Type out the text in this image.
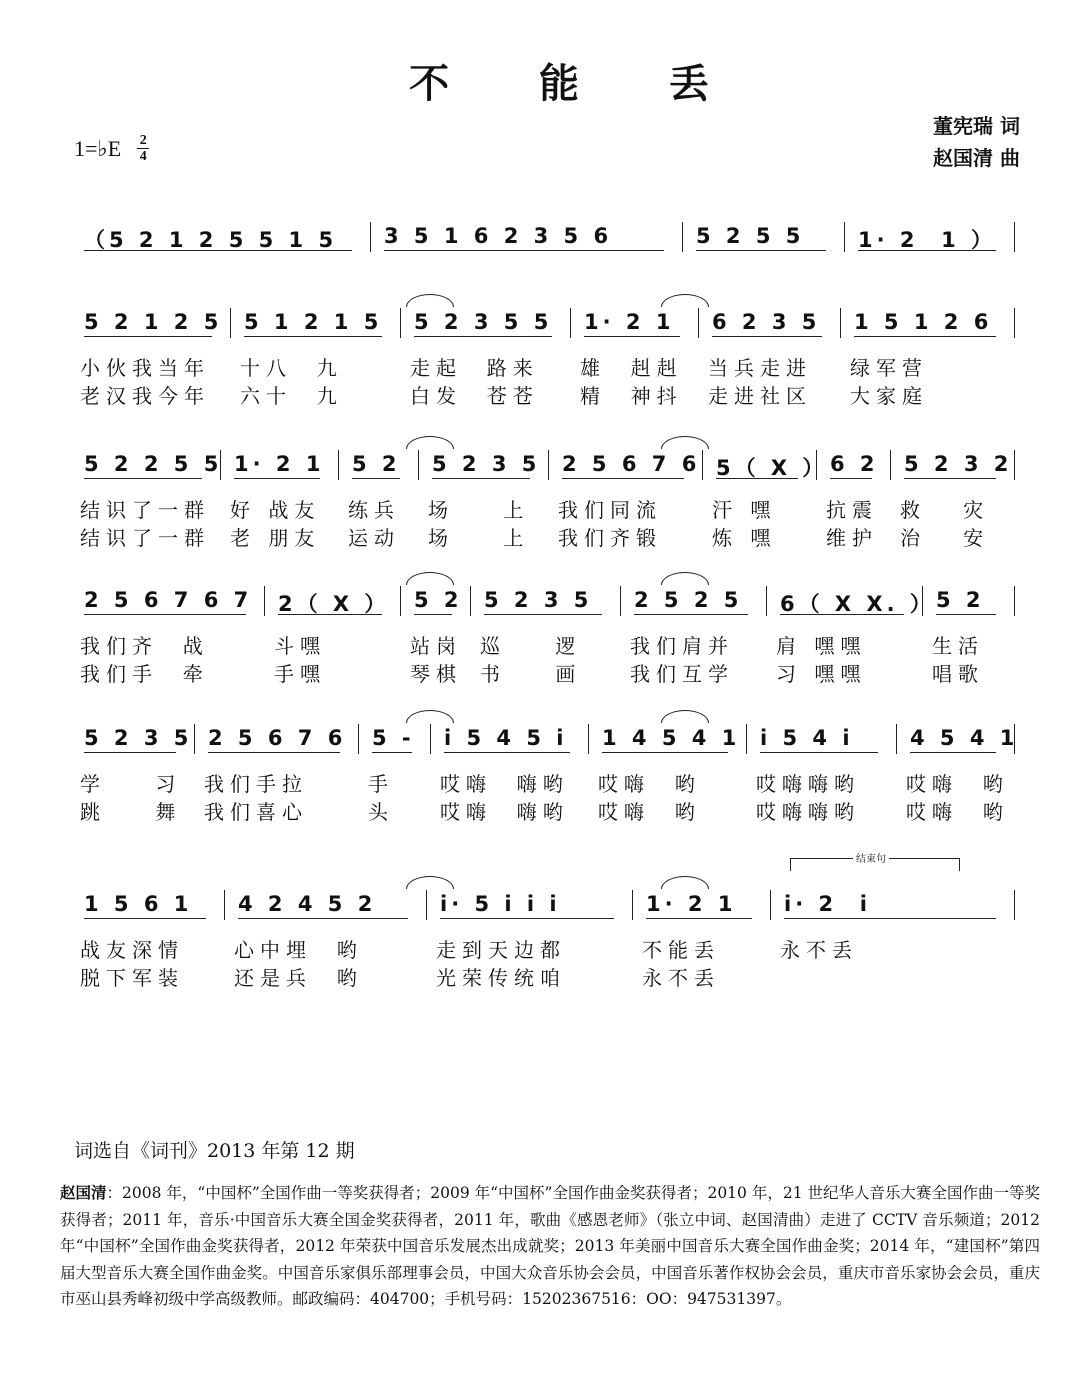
不 能 丢
董宪瑞 词
赵国清 曲
1=♭E 2
4
（5 2 1 2 5 5 1 5 3 5 1 6 2 3 5 6	5 2 5 5	1· 2  1 ）
5 2 1 2 5 5 1 2 1 5 5 2 3 5 5 1· 2 1 6 2 3 5 1 5 1 2 6
小伙我当年 十八  九	走起  路来 雄  赳赳 当兵走进 绿军营
老汉我今年 六十  九	白发  苍苍 精  神抖 走进社区 大家庭
5 2 2 5 5 1· 2 1 5 2 5 2 3 5 2 5 6 7 6 5（ X ） 6 2 5 2 3 2
结识了一群 好 战友 练兵 场    上 我们同流	汗 嘿 抗震 救   灾
结识了一群 老 朋友 运动 场    上 我们齐锻	炼 嘿 维护 治   安
2 5 6 7 6 7 2（ X ） 5 2 5 2 3 5 2 5 2 5 6（ X X. ） 5 2
我们齐  战	斗嘿	站岗 巡    逻 我们肩并 肩 嘿嘿	生活
我们手  牵	手嘿	琴棋 书    画 我们互学 习 嘿嘿	唱歌
5 2 3 5 2 5 6 7 6 5 - i 5 4 5 i 1 4 5 4 1 i 5 4 i	4 5 4 1
学    习 我们手拉	手 哎嗨  嗨哟 哎嗨  哟	哎嗨嗨哟 哎嗨  哟
跳    舞 我们喜心	头 哎嗨  嗨哟 哎嗨  哟	哎嗨嗨哟 哎嗨  哟
1 5 6 1 4 2 4 5 2	i· 5 i i i	1· 2 1 i· 2  i
战友深情	心中埋  哟	走到天边都	不能丢	永不丢
脱下军装	还是兵  哟	光荣传统咱	永不丢
结束句
词选自《词刊》2013 年第 12 期
赵国清：2008 年，“中国杯”全国作曲一等奖获得者；2009 年“中国杯”全国作曲金奖获得者；2010 年，21 世纪华人音乐大赛全国作曲一等奖获得者；2011 年，音乐·中国音乐大赛全国金奖获得者，2011 年，歌曲《感恩老师》（张立中词、赵国清曲）走进了 CCTV 音乐频道；2012 年“中国杯”全国作曲金奖获得者，2012 年荣获中国音乐发展杰出成就奖；2013 年美丽中国音乐大赛全国作曲金奖；2014 年，“建国杯”第四届大型音乐大赛全国作曲金奖。中国音乐家俱乐部理事会员，中国大众音乐协会会员，中国音乐著作权协会会员，重庆市音乐家协会会员，重庆市巫山县秀峰初级中学高级教师。邮政编码：404700；手机号码：15202367516：OO：947531397。
